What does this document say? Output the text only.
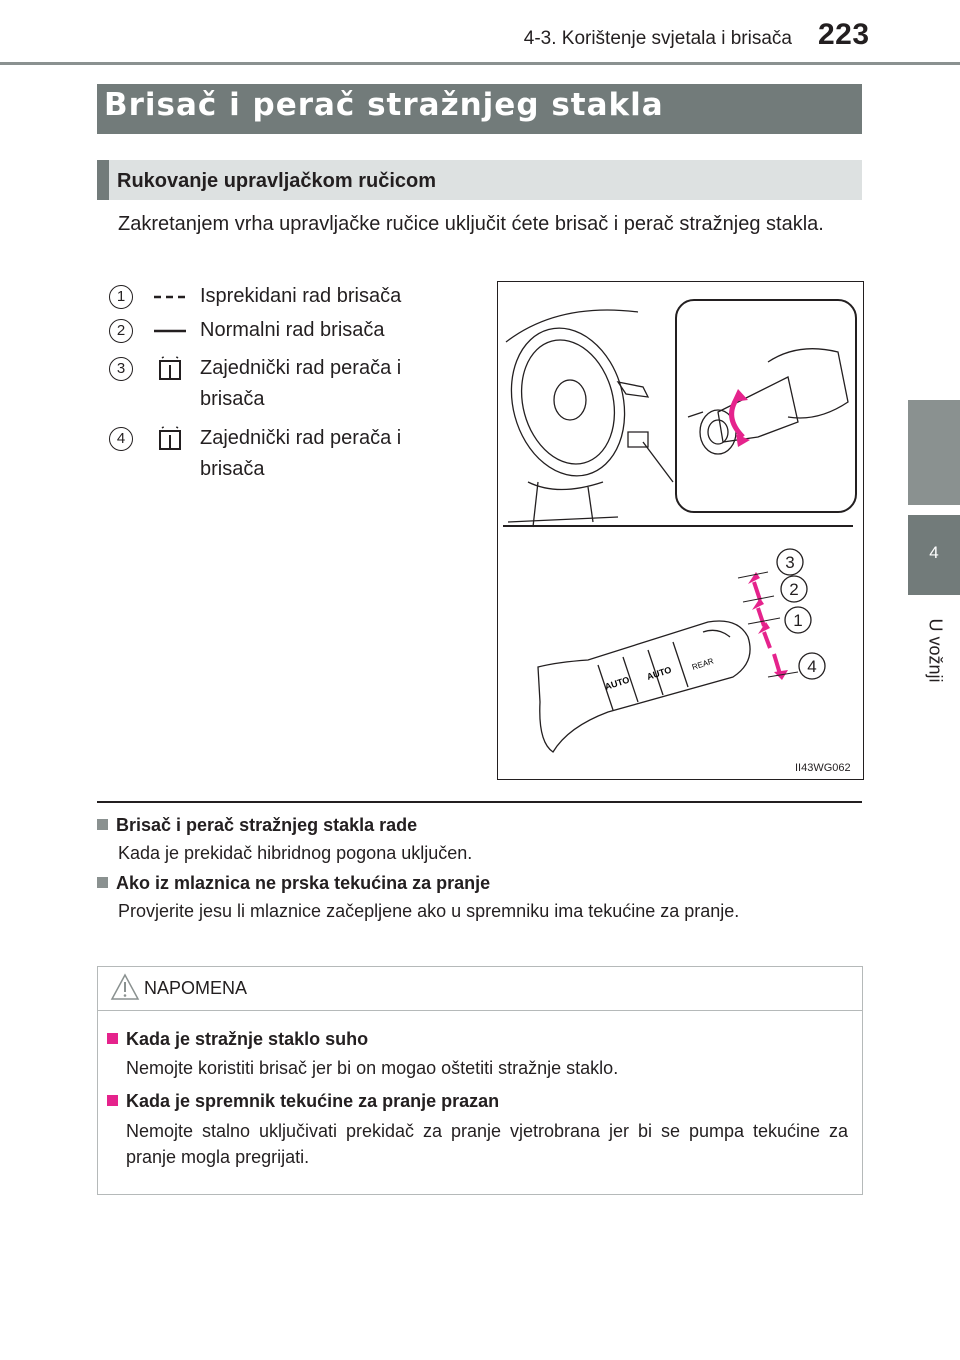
4-3. Korištenje svjetala i brisača 223
4
U vožnji
Brisač i perač stražnjeg stakla
Rukovanje upravljačkom ručicom
Zakretanjem vrha upravljačke ručice uključit ćete brisač i perač stražnjeg stakla.
1	Isprekidani rad brisača
2	Normalni rad brisača
3	Zajednički rad perača i brisača
4	Zajednički rad perača i brisača
AUTO
AUTO
REAR
3
2
1
4
II43WG062
Brisač i perač stražnjeg stakla rade
Kada je prekidač hibridnog pogona uključen.
Ako iz mlaznica ne prska tekućina za pranje
Provjerite jesu li mlaznice začepljene ako u spremniku ima tekućine za pranje.
NAPOMENA
Kada je stražnje staklo suho
Nemojte koristiti brisač jer bi on mogao oštetiti stražnje staklo.
Kada je spremnik tekućine za pranje prazan
Nemojte stalno uključivati prekidač za pranje vjetrobrana jer bi se pumpa tekućine za pranje mogla pregrijati.
